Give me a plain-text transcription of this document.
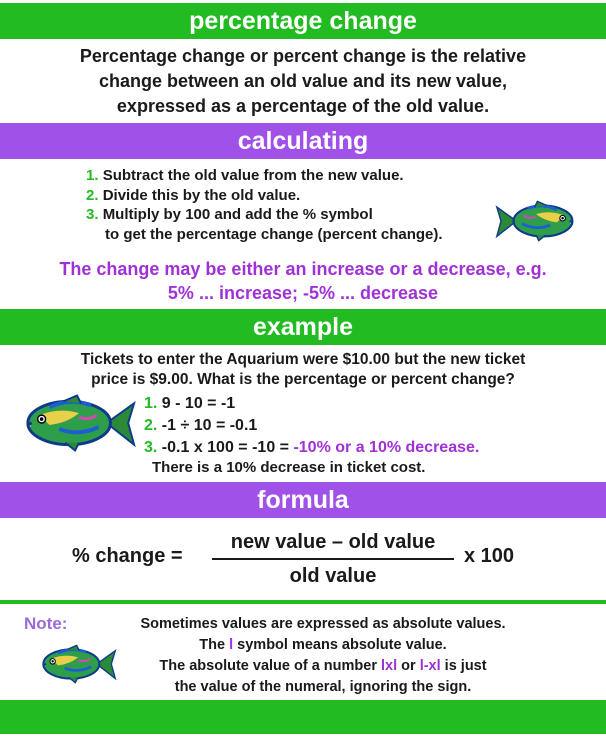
percentage change
Percentage change or percent change is the relative
change between an old value and its new value,
expressed as a percentage of the old value.
calculating
1. Subtract the old value from the new value.
2. Divide this by the old value.
3. Multiply by 100 and add the % symbol
to get the percentage change (percent change).
The change may be either an increase or a decrease, e.g.
5% ... increase; -5% ... decrease
example
Tickets to enter the Aquarium were $10.00 but the new ticket
price is $9.00. What is the percentage or percent change?
1. 9 - 10 = -1
2. -1 ÷ 10 = -0.1
3. -0.1 x 100 = -10 = -10% or a 10% decrease.
There is a 10% decrease in ticket cost.
formula
% change =
new value – old value
old value
x 100
Note:	Sometimes values are expressed as absolute values.
The l symbol means absolute value.
The absolute value of a number lxl or l-xl is just
the value of the numeral, ignoring the sign.
